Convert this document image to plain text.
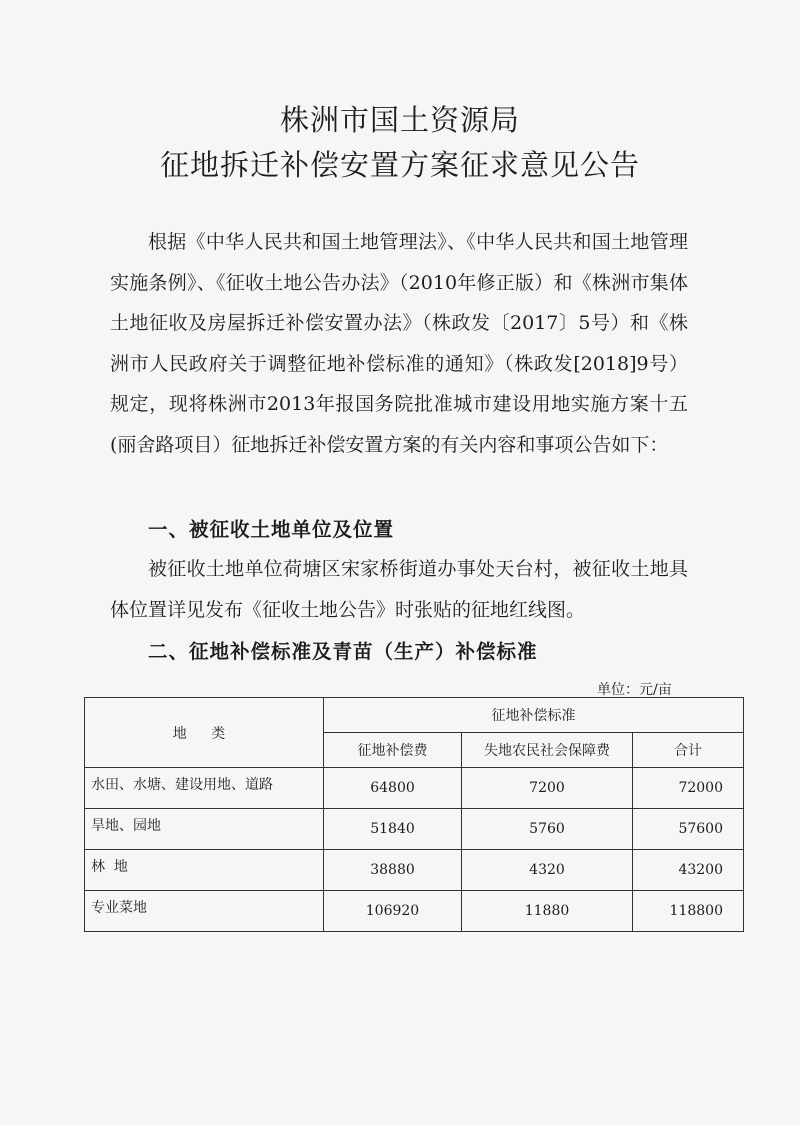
株洲市国土资源局
征地拆迁补偿安置方案征求意见公告

根据《中华人民共和国土地管理法》、《中华人民共和国土地管理实施条例》、《征收土地公告办法》（2010年修正版）和《株洲市集体土地征收及房屋拆迁补偿安置办法》（株政发〔2017〕5号）和《株洲市人民政府关于调整征地补偿标准的通知》（株政发[2018]9号）规定，现将株洲市2013年报国务院批准城市建设用地实施方案十五(丽舍路项目）征地拆迁补偿安置方案的有关内容和事项公告如下：

一、被征收土地单位及位置

被征收土地单位荷塘区宋家桥街道办事处天台村，被征收土地具体位置详见发布《征收土地公告》时张贴的征地红线图。

二、征地补偿标准及青苗（生产）补偿标准
单位：元/亩
地 类	征地补偿标准		
	征地补偿费	失地农民社会保障费	合计
水田、水塘、建设用地、道路	64800	7200	72000
旱地、园地	51840	5760	57600
林  地	38880	4320	43200
专业菜地	106920	11880	118800
